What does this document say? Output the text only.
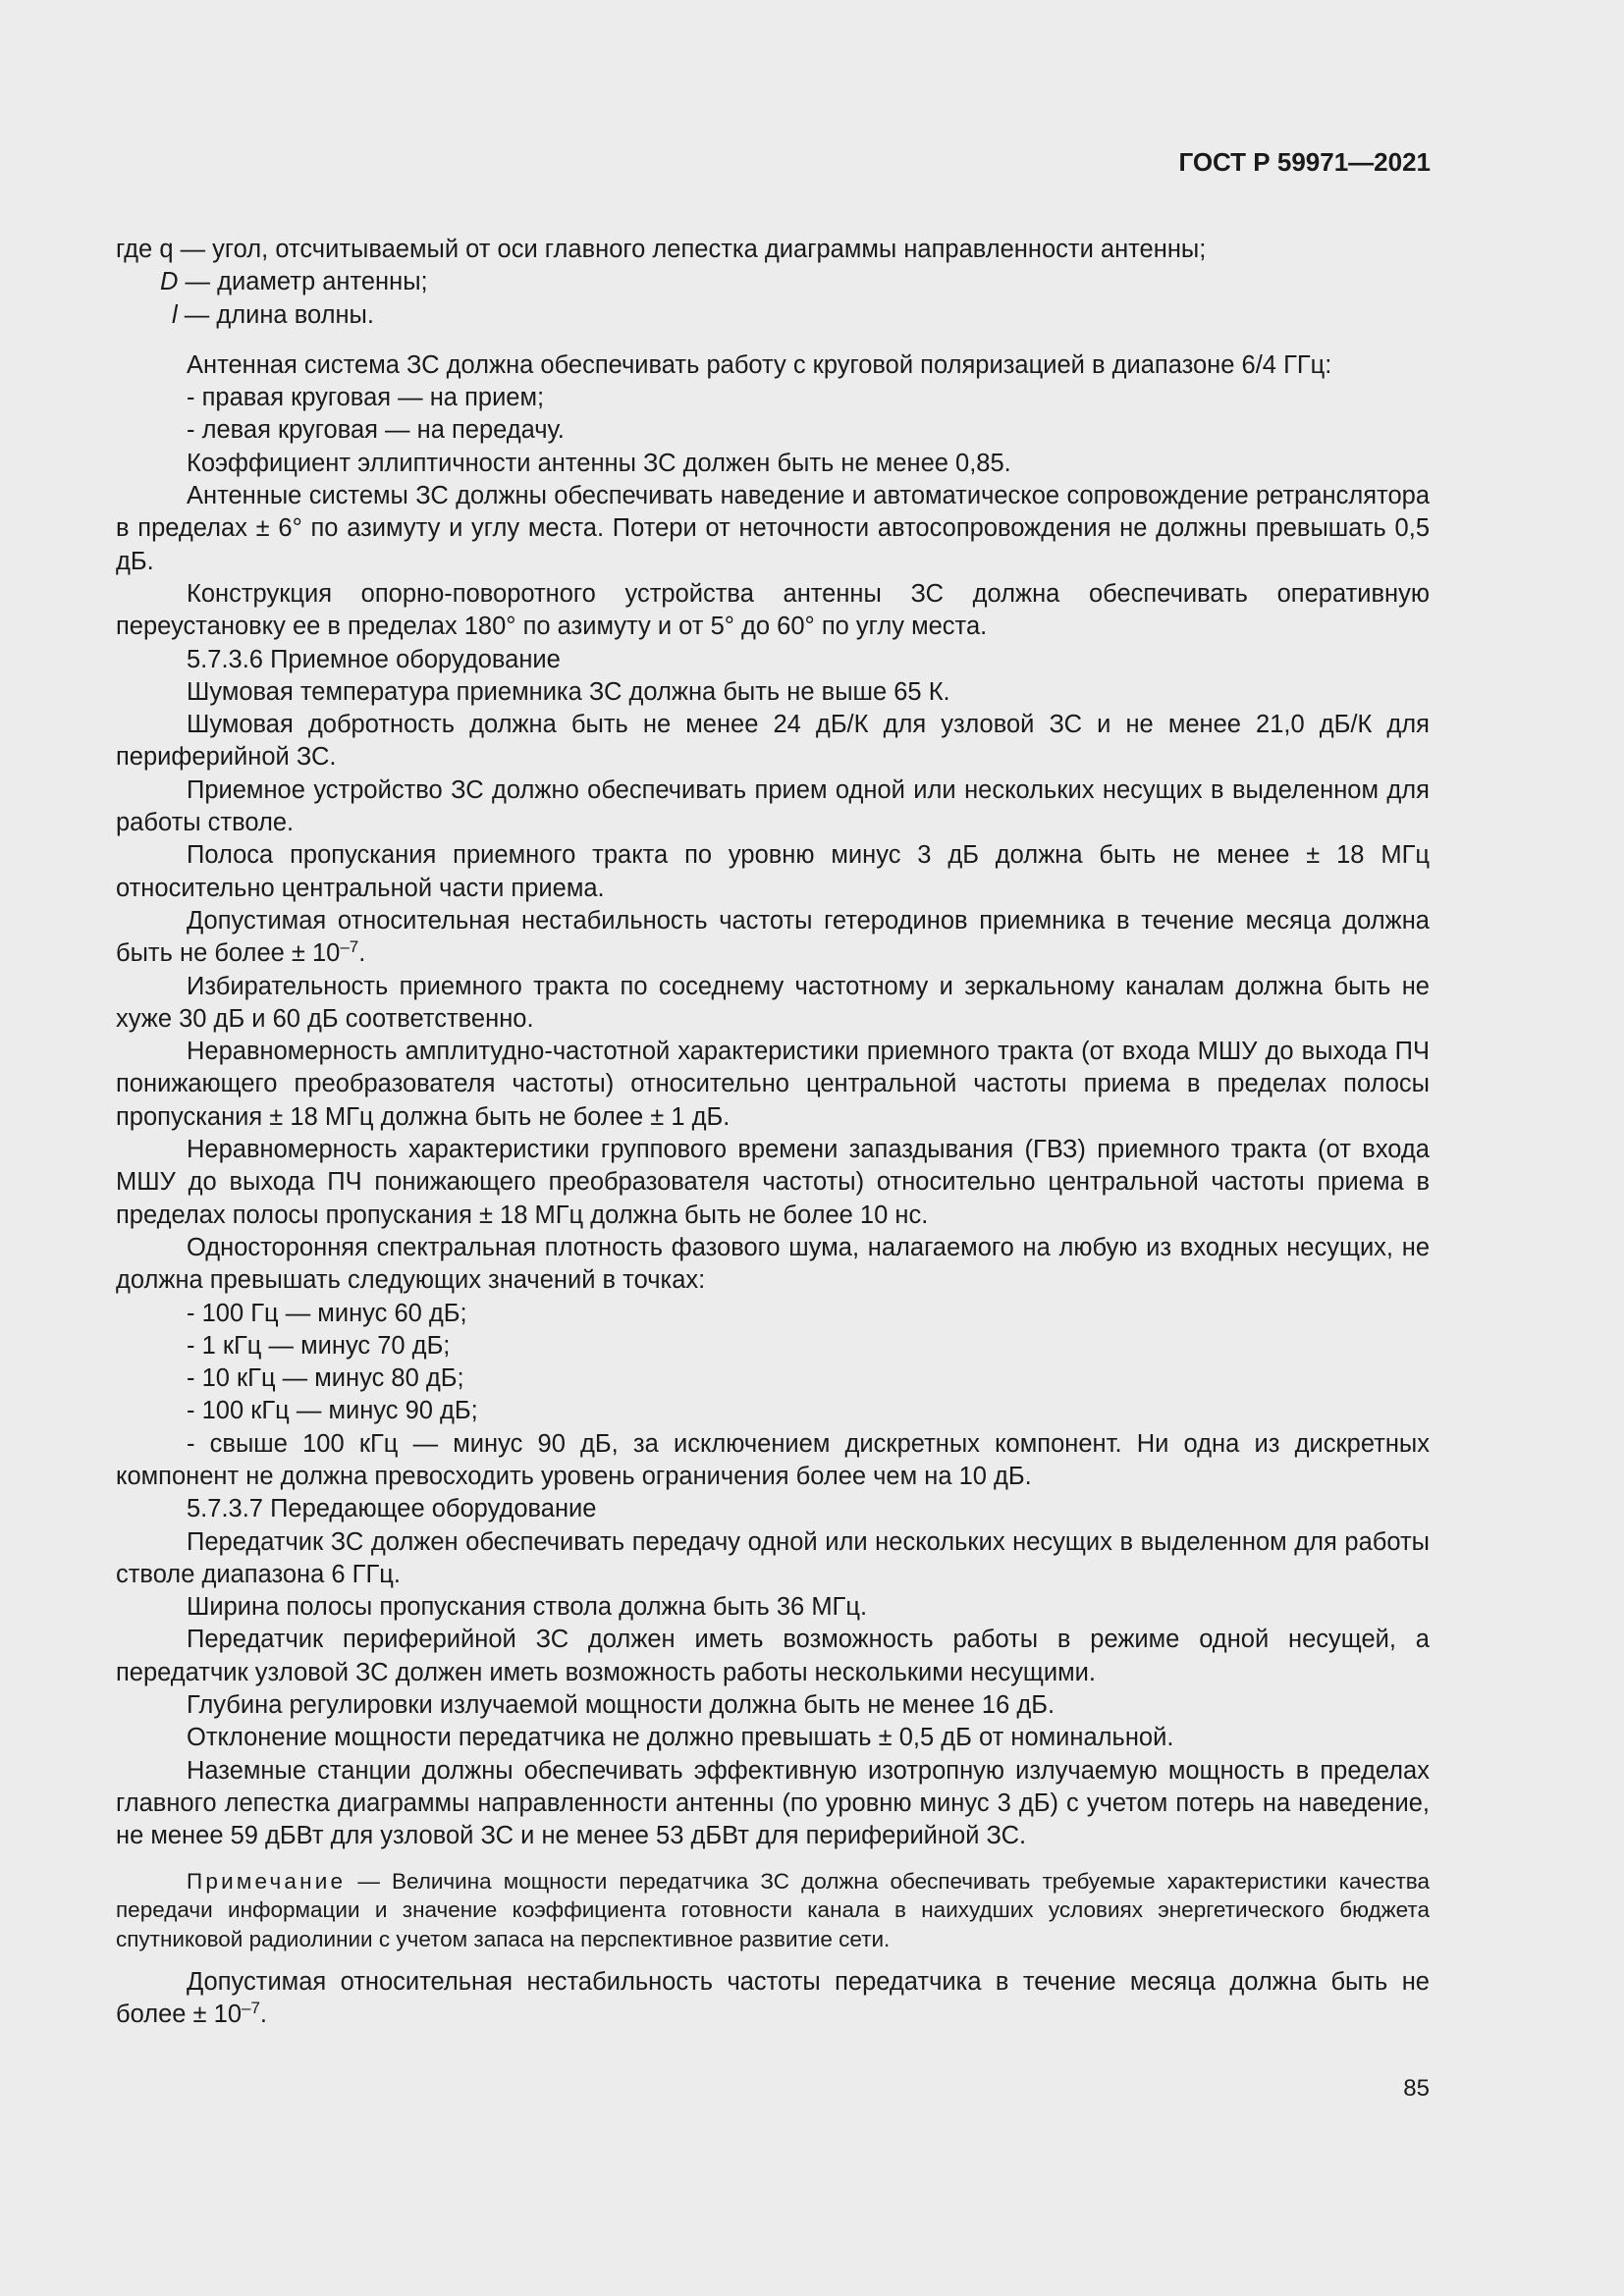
ГОСТ Р 59971—2021

где q — угол, отсчитываемый от оси главного лепестка диаграммы направленности антенны;

D — диаметр антенны;

l — длина волны.

Антенная система ЗС должна обеспечивать работу с круговой поляризацией в диапазоне 6/4 ГГц:

- правая круговая — на прием;

- левая круговая — на передачу.

Коэффициент эллиптичности антенны ЗС должен быть не менее 0,85.

Антенные системы ЗС должны обеспечивать наведение и автоматическое сопровождение ретранслятора в пределах ± 6° по азимуту и углу места. Потери от неточности автосопровождения не должны превышать 0,5 дБ.

Конструкция опорно-поворотного устройства антенны ЗС должна обеспечивать оперативную переустановку ее в пределах 180° по азимуту и от 5° до 60° по углу места.

5.7.3.6 Приемное оборудование

Шумовая температура приемника ЗС должна быть не выше 65 К.

Шумовая добротность должна быть не менее 24 дБ/К для узловой ЗС и не менее 21,0 дБ/К для периферийной ЗС.

Приемное устройство ЗС должно обеспечивать прием одной или нескольких несущих в выделенном для работы стволе.

Полоса пропускания приемного тракта по уровню минус 3 дБ должна быть не менее ± 18 МГц относительно центральной части приема.

Допустимая относительная нестабильность частоты гетеродинов приемника в течение месяца должна быть не более ± $10^{-7}$.

Избирательность приемного тракта по соседнему частотному и зеркальному каналам должна быть не хуже 30 дБ и 60 дБ соответственно.

Неравномерность амплитудно-частотной характеристики приемного тракта (от входа МШУ до выхода ПЧ понижающего преобразователя частоты) относительно центральной частоты приема в пределах полосы пропускания ± 18 МГц должна быть не более ± 1 дБ.

Неравномерность характеристики группового времени запаздывания (ГВЗ) приемного тракта (от входа МШУ до выхода ПЧ понижающего преобразователя частоты) относительно центральной частоты приема в пределах полосы пропускания ± 18 МГц должна быть не более 10 нс.

Односторонняя спектральная плотность фазового шума, налагаемого на любую из входных несущих, не должна превышать следующих значений в точках:

- 100 Гц — минус 60 дБ;

- 1 кГц — минус 70 дБ;

- 10 кГц — минус 80 дБ;

- 100 кГц — минус 90 дБ;

- свыше 100 кГц — минус 90 дБ, за исключением дискретных компонент. Ни одна из дискретных компонент не должна превосходить уровень ограничения более чем на 10 дБ.

5.7.3.7 Передающее оборудование

Передатчик ЗС должен обеспечивать передачу одной или нескольких несущих в выделенном для работы стволе диапазона 6 ГГц.

Ширина полосы пропускания ствола должна быть 36 МГц.

Передатчик периферийной ЗС должен иметь возможность работы в режиме одной несущей, а передатчик узловой ЗС должен иметь возможность работы несколькими несущими.

Глубина регулировки излучаемой мощности должна быть не менее 16 дБ.

Отклонение мощности передатчика не должно превышать ± 0,5 дБ от номинальной.

Наземные станции должны обеспечивать эффективную изотропную излучаемую мощность в пределах главного лепестка диаграммы направленности антенны (по уровню минус 3 дБ) с учетом потерь на наведение, не менее 59 дБВт для узловой ЗС и не менее 53 дБВт для периферийной ЗС.

Примечание — Величина мощности передатчика ЗС должна обеспечивать требуемые характеристики качества передачи информации и значение коэффициента готовности канала в наихудших условиях энергетического бюджета спутниковой радиолинии с учетом запаса на перспективное развитие сети.

Допустимая относительная нестабильность частоты передатчика в течение месяца должна быть не более ± $10^{-7}$.

85
